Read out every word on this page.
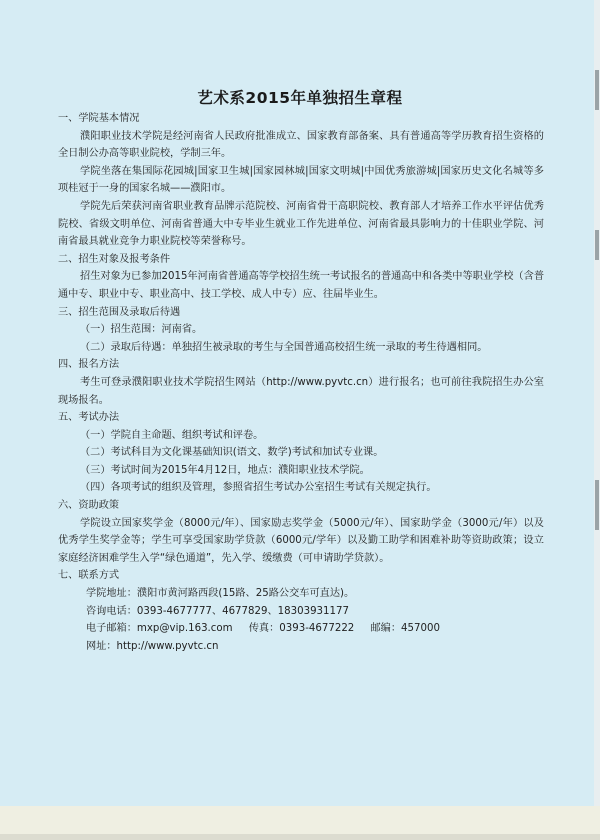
艺术系2015年单独招生章程

一、学院基本情况

濮阳职业技术学院是经河南省人民政府批准成立、国家教育部备案、具有普通高等学历教育招生资格的全日制公办高等职业院校，学制三年。

学院坐落在集国际花园城|国家卫生城|国家园林城|国家文明城|中国优秀旅游城|国家历史文化名城等多项桂冠于一身的国家名城——濮阳市。

学院先后荣获河南省职业教育品牌示范院校、河南省骨干高职院校、教育部人才培养工作水平评估优秀院校、省级文明单位、河南省普通大中专毕业生就业工作先进单位、河南省最具影响力的十佳职业学院、河南省最具就业竞争力职业院校等荣誉称号。

二、招生对象及报考条件

招生对象为已参加2015年河南省普通高等学校招生统一考试报名的普通高中和各类中等职业学校（含普通中专、职业中专、职业高中、技工学校、成人中专）应、往届毕业生。

三、招生范围及录取后待遇

（一）招生范围：河南省。

（二）录取后待遇：单独招生被录取的考生与全国普通高校招生统一录取的考生待遇相同。

四、报名方法

考生可登录濮阳职业技术学院招生网站（http://www.pyvtc.cn）进行报名；也可前往我院招生办公室现场报名。

五、考试办法

（一）学院自主命题、组织考试和评卷。

（二）考试科目为文化课基础知识(语文、数学)考试和加试专业课。

（三）考试时间为2015年4月12日，地点：濮阳职业技术学院。

（四）各项考试的组织及管理，参照省招生考试办公室招生考试有关规定执行。

六、资助政策

学院设立国家奖学金（8000元/年）、国家励志奖学金（5000元/年）、国家助学金（3000元/年）以及优秀学生奖学金等；学生可享受国家助学贷款（6000元/学年）以及勤工助学和困难补助等资助政策；设立家庭经济困难学生入学“绿色通道”，先入学、缓缴费（可申请助学贷款）。

七、联系方式

学院地址：濮阳市黄河路西段(15路、25路公交车可直达)。

咨询电话：0393-4677777、4677829、18303931177

电子邮箱：mxp@vip.163.com     传真：0393-4677222     邮编：457000

网址：http://www.pyvtc.cn
